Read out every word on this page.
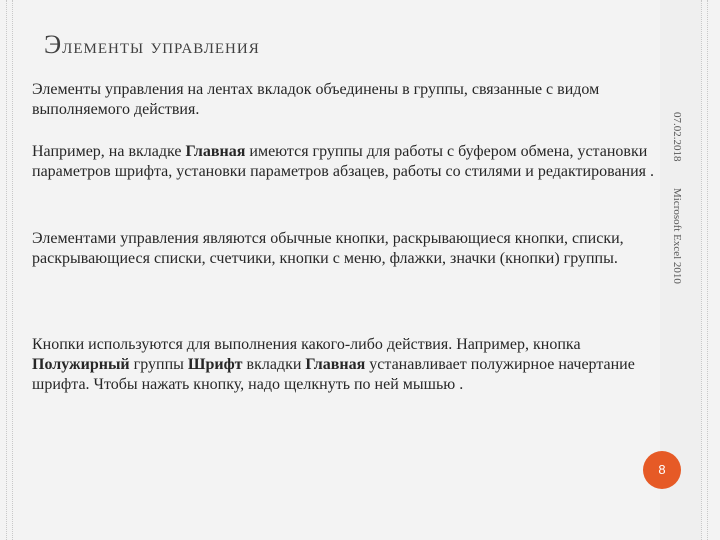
07.02.2018
Microsoft Excel 2010
Элементы управления
Элементы управления на лентах вкладок объединены в группы, связанные с видом выполняемого действия.
Например, на вкладке Главная имеются группы для работы с буфером обмена, установки параметров шрифта, установки параметров абзацев, работы со стилями и редактирования .
Элементами управления являются обычные кнопки, раскрывающиеся кнопки, списки, раскрывающиеся списки, счетчики, кнопки с меню, флажки, значки (кнопки) группы.
Кнопки используются для выполнения какого-либо действия. Например, кнопка Полужирный группы Шрифт вкладки Главная устанавливает полужирное начертание шрифта. Чтобы нажать кнопку, надо щелкнуть по ней мышью .
8
